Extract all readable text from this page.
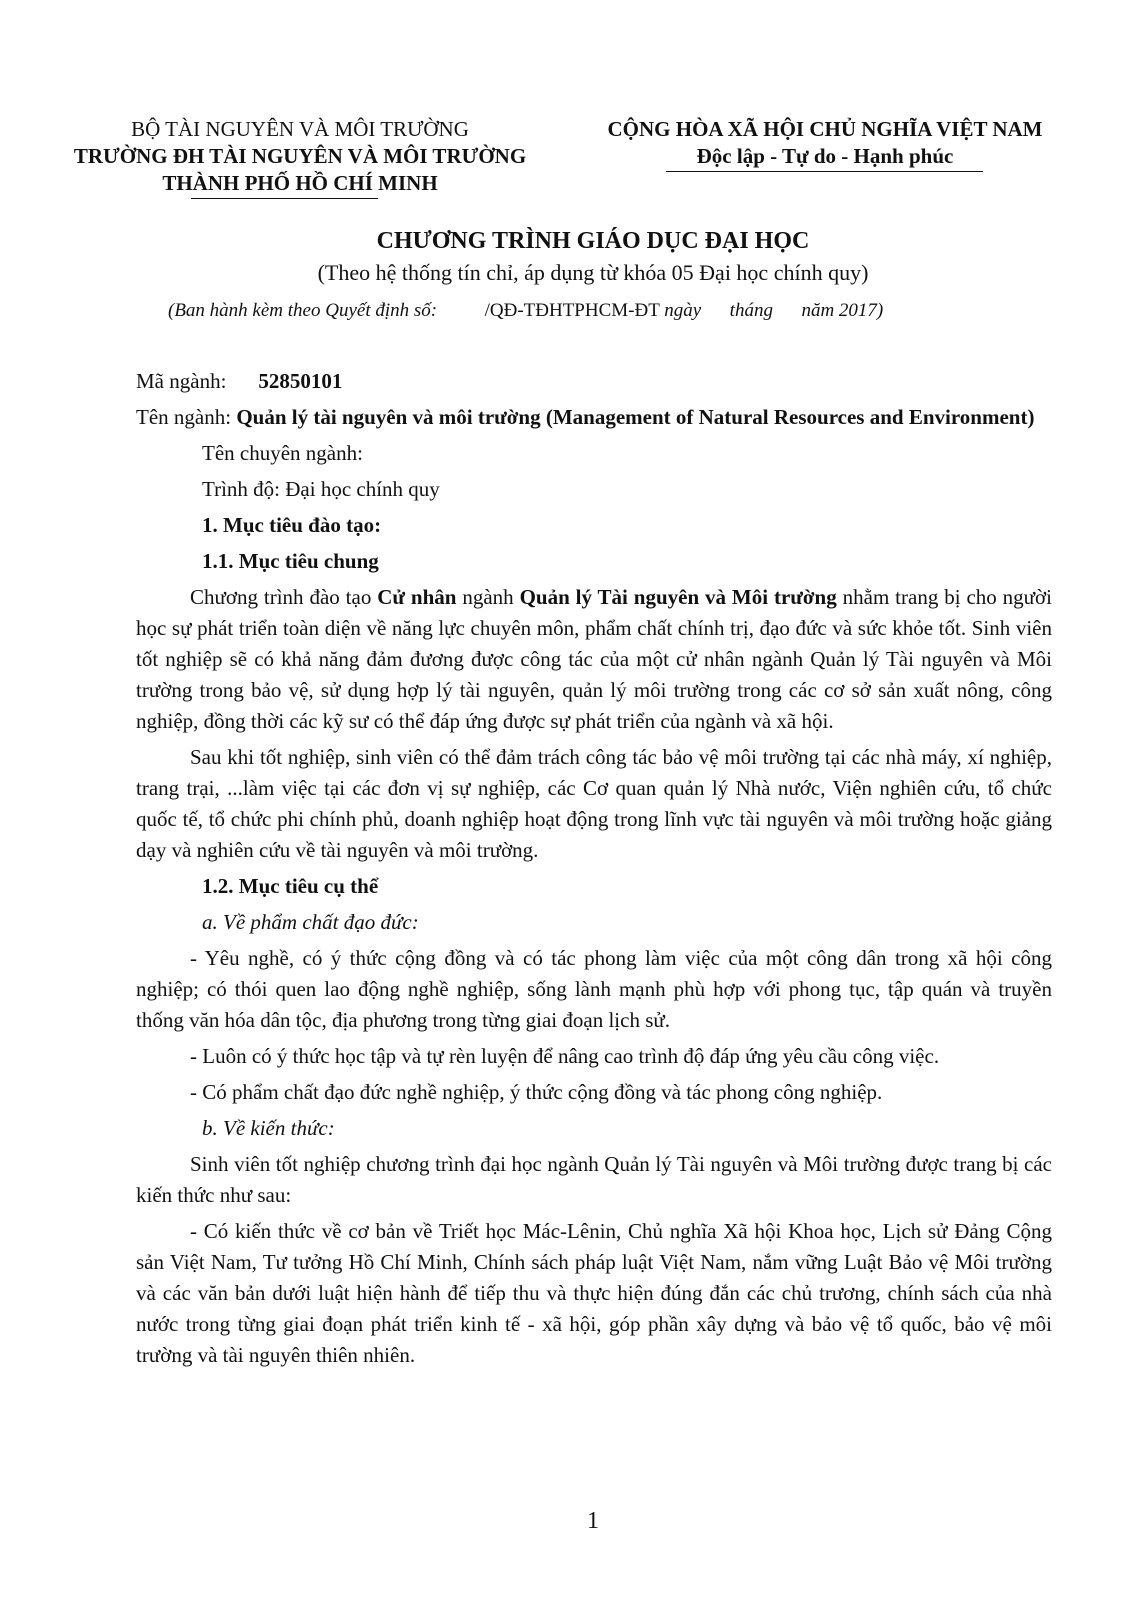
BỘ TÀI NGUYÊN VÀ MÔI TRƯỜNG
TRƯỜNG ĐH TÀI NGUYÊN VÀ MÔI TRƯỜNG
THÀNH PHỐ HỒ CHÍ MINH
CỘNG HÒA XÃ HỘI CHỦ NGHĨA VIỆT NAM
Độc lập - Tự do - Hạnh phúc
CHƯƠNG TRÌNH GIÁO DỤC ĐẠI HỌC
(Theo hệ thống tín chỉ, áp dụng từ khóa 05 Đại học chính quy)
(Ban hành kèm theo Quyết định số:	/QĐ-TĐHTPHCM-ĐT ngày      tháng      năm 2017)

Mã ngành: 52850101

Tên ngành: Quản lý tài nguyên và môi trường (Management of Natural Resources and Environment)

Tên chuyên ngành:

Trình độ: Đại học chính quy

1. Mục tiêu đào tạo:

1.1. Mục tiêu chung

Chương trình đào tạo Cử nhân ngành Quản lý Tài nguyên và Môi trường nhằm trang bị cho người học sự phát triển toàn diện về năng lực chuyên môn, phẩm chất chính trị, đạo đức và sức khỏe tốt. Sinh viên tốt nghiệp sẽ có khả năng đảm đương được công tác của một cử nhân ngành Quản lý Tài nguyên và Môi trường trong bảo vệ, sử dụng hợp lý tài nguyên, quản lý môi trường trong các cơ sở sản xuất nông, công nghiệp, đồng thời các kỹ sư có thể đáp ứng được sự phát triển của ngành và xã hội.

Sau khi tốt nghiệp, sinh viên có thể đảm trách công tác bảo vệ môi trường tại các nhà máy, xí nghiệp, trang trại, ...làm việc tại các đơn vị sự nghiệp, các Cơ quan quản lý Nhà nước, Viện nghiên cứu, tổ chức quốc tế, tổ chức phi chính phủ, doanh nghiệp hoạt động trong lĩnh vực tài nguyên và môi trường hoặc giảng dạy và nghiên cứu về tài nguyên và môi trường.

1.2. Mục tiêu cụ thể

a. Về phẩm chất đạo đức:

- Yêu nghề, có ý thức cộng đồng và có tác phong làm việc của một công dân trong xã hội công nghiệp; có thói quen lao động nghề nghiệp, sống lành mạnh phù hợp với phong tục, tập quán và truyền thống văn hóa dân tộc, địa phương trong từng giai đoạn lịch sử.

- Luôn có ý thức học tập và tự rèn luyện để nâng cao trình độ đáp ứng yêu cầu công việc.

- Có phẩm chất đạo đức nghề nghiệp, ý thức cộng đồng và tác phong công nghiệp.

b. Về kiến thức:

Sinh viên tốt nghiệp chương trình đại học ngành Quản lý Tài nguyên và Môi trường được trang bị các kiến thức như sau:

- Có kiến thức về cơ bản về Triết học Mác-Lênin, Chủ nghĩa Xã hội Khoa học, Lịch sử Đảng Cộng sản Việt Nam, Tư tưởng Hồ Chí Minh, Chính sách pháp luật Việt Nam, nắm vững Luật Bảo vệ Môi trường và các văn bản dưới luật hiện hành để tiếp thu và thực hiện đúng đắn các chủ trương, chính sách của nhà nước trong từng giai đoạn phát triển kinh tế - xã hội, góp phần xây dựng và bảo vệ tổ quốc, bảo vệ môi trường và tài nguyên thiên nhiên.

1
